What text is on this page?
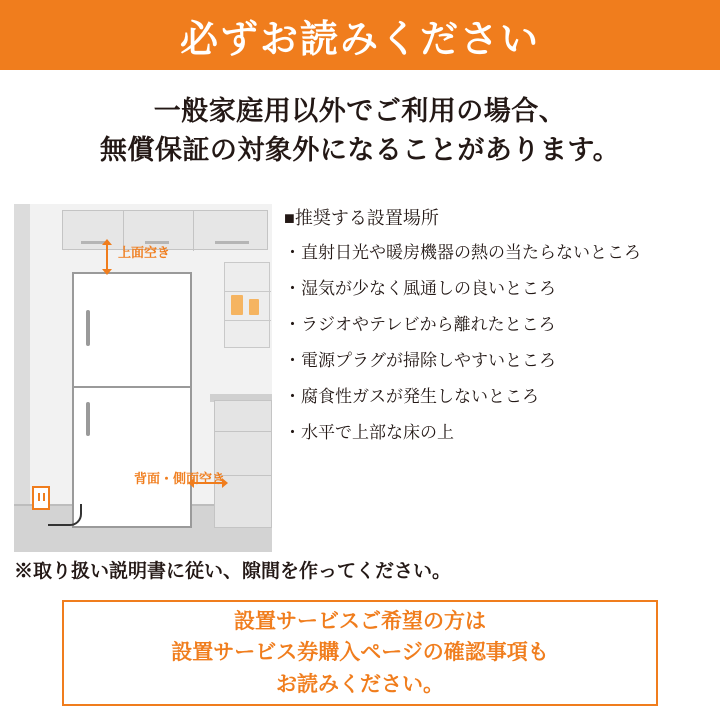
必ずお読みください
一般家庭用以外でご利用の場合、
無償保証の対象外になることがあります。
上面空き
背面・側面空き
■推奨する設置場所
・直射日光や暖房機器の熱の当たらないところ
・湿気が少なく風通しの良いところ
・ラジオやテレビから離れたところ
・電源プラグが掃除しやすいところ
・腐食性ガスが発生しないところ
・水平で上部な床の上
※取り扱い説明書に従い、隙間を作ってください。
設置サービスご希望の方は
設置サービス券購入ページの確認事項も
お読みください。
